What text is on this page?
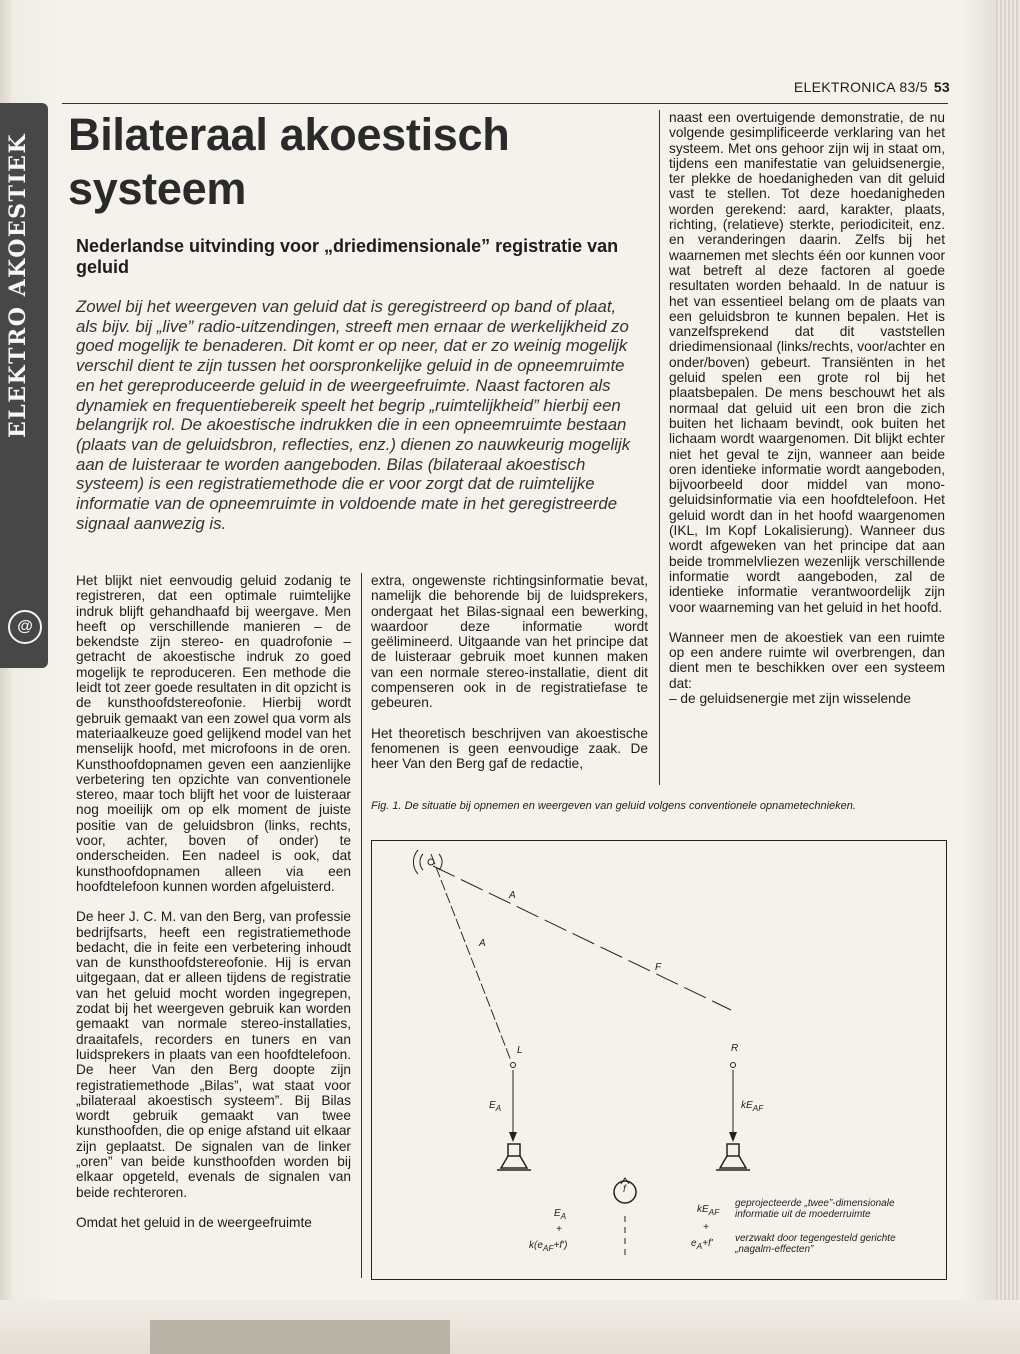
ELEKTRO AKOESTIEK
@
ELEKTRONICA 83/5 53
Bilateraal akoestisch systeem
Nederlandse uitvinding voor „driedimensionale” registratie van geluid

Zowel bij het weergeven van geluid dat is geregistreerd op band of plaat, als bijv. bij „live” radio-uitzendingen, streeft men ernaar de werkelijkheid zo goed mogelijk te benaderen. Dit komt er op neer, dat er zo weinig mogelijk verschil dient te zijn tussen het oorspronkelijke geluid in de opneemruimte en het gereproduceerde geluid in de weergeefruimte. Naast factoren als dynamiek en frequentiebereik speelt het begrip „ruimtelijkheid” hierbij een belangrijk rol. De akoestische indrukken die in een opneemruimte bestaan (plaats van de geluidsbron, reflecties, enz.) dienen zo nauwkeurig mogelijk aan de luisteraar te worden aangeboden. Bilas (bilateraal akoestisch systeem) is een registratiemethode die er voor zorgt dat de ruimtelijke informatie van de opneemruimte in voldoende mate in het geregistreerde signaal aanwezig is.

Het blijkt niet eenvoudig geluid zodanig te registreren, dat een optimale ruimtelijke indruk blijft gehandhaafd bij weergave. Men heeft op verschillende manieren – de bekendste zijn stereo- en quadrofonie – getracht de akoestische indruk zo goed mogelijk te reproduceren. Een methode die leidt tot zeer goede resultaten in dit opzicht is de kunsthoofdstereofonie. Hierbij wordt gebruik gemaakt van een zowel qua vorm als materiaalkeuze goed gelijkend model van het menselijk hoofd, met microfoons in de oren. Kunsthoofdopnamen geven een aanzienlijke verbetering ten opzichte van conventionele stereo, maar toch blijft het voor de luisteraar nog moeilijk om op elk moment de juiste positie van de geluidsbron (links, rechts, voor, achter, boven of onder) te onderscheiden. Een nadeel is ook, dat kunsthoofdopnamen alleen via een hoofdtelefoon kunnen worden afgeluisterd.

De heer J. C. M. van den Berg, van professie bedrijfsarts, heeft een registratiemethode bedacht, die in feite een verbetering inhoudt van de kunsthoofdstereofonie. Hij is ervan uitgegaan, dat er alleen tijdens de registratie van het geluid mocht worden ingegrepen, zodat bij het weergeven gebruik kan worden gemaakt van normale stereo-installaties, draaitafels, recorders en tuners en van luidsprekers in plaats van een hoofdtelefoon. De heer Van den Berg doopte zijn registratiemethode „Bilas”, wat staat voor „bilateraal akoestisch systeem”. Bij Bilas wordt gebruik gemaakt van twee kunsthoofden, die op enige afstand uit elkaar zijn geplaatst. De signalen van de linker „oren” van beide kunsthoofden worden bij elkaar opgeteld, evenals de signalen van beide rechteroren.

Omdat het geluid in de weergeefruimte

extra, ongewenste richtingsinformatie bevat, namelijk die behorende bij de luidsprekers, ondergaat het Bilas-signaal een bewerking, waardoor deze informatie wordt geëlimineerd. Uitgaande van het principe dat de luisteraar gebruik moet kunnen maken van een normale stereo-installatie, dient dit compenseren ook in de registratiefase te gebeuren.

Het theoretisch beschrijven van akoestische fenomenen is geen eenvoudige zaak. De heer Van den Berg gaf de redactie,

naast een overtuigende demonstratie, de nu volgende gesimplificeerde verklaring van het systeem. Met ons gehoor zijn wij in staat om, tijdens een manifestatie van geluidsenergie, ter plekke de hoedanigheden van dit geluid vast te stellen. Tot deze hoedanigheden worden gerekend: aard, karakter, plaats, richting, (relatieve) sterkte, periodiciteit, enz. en veranderingen daarin. Zelfs bij het waarnemen met slechts één oor kunnen voor wat betreft al deze factoren al goede resultaten worden behaald. In de natuur is het van essentieel belang om de plaats van een geluidsbron te kunnen bepalen. Het is vanzelfsprekend dat dit vaststellen driedimensionaal (links/rechts, voor/achter en onder/boven) gebeurt. Transiënten in het geluid spelen een grote rol bij het plaatsbepalen. De mens beschouwt het als normaal dat geluid uit een bron die zich buiten het lichaam bevindt, ook buiten het lichaam wordt waargenomen. Dit blijkt echter niet het geval te zijn, wanneer aan beide oren identieke informatie wordt aangeboden, bijvoorbeeld door middel van mono-geluidsinformatie via een hoofdtelefoon. Het geluid wordt dan in het hoofd waargenomen (IKL, Im Kopf Lokalisierung). Wanneer dus wordt afgeweken van het principe dat aan beide trommelvliezen wezenlijk verschillende informatie wordt aangeboden, zal de identieke informatie verantwoordelijk zijn voor waarneming van het geluid in het hoofd.

Wanneer men de akoestiek van een ruimte op een andere ruimte wil overbrengen, dan dient men te beschikken over een systeem dat:

– de geluidsenergie met zijn wisselende

Fig. 1. De situatie bij opnemen en weergeven van geluid volgens conventionele opnametechnieken.

A
A
F
L	R
$E_A$	$kE_{AF}$
f
$E_A$
+
$k(e_{AF}+f')$
$kE_{AF}$
+
$e_A+f'$
geprojecteerde „twee”-dimensionale informatie uit de moederruimte
verzwakt door tegengesteld gerichte „nagalm-effecten”
